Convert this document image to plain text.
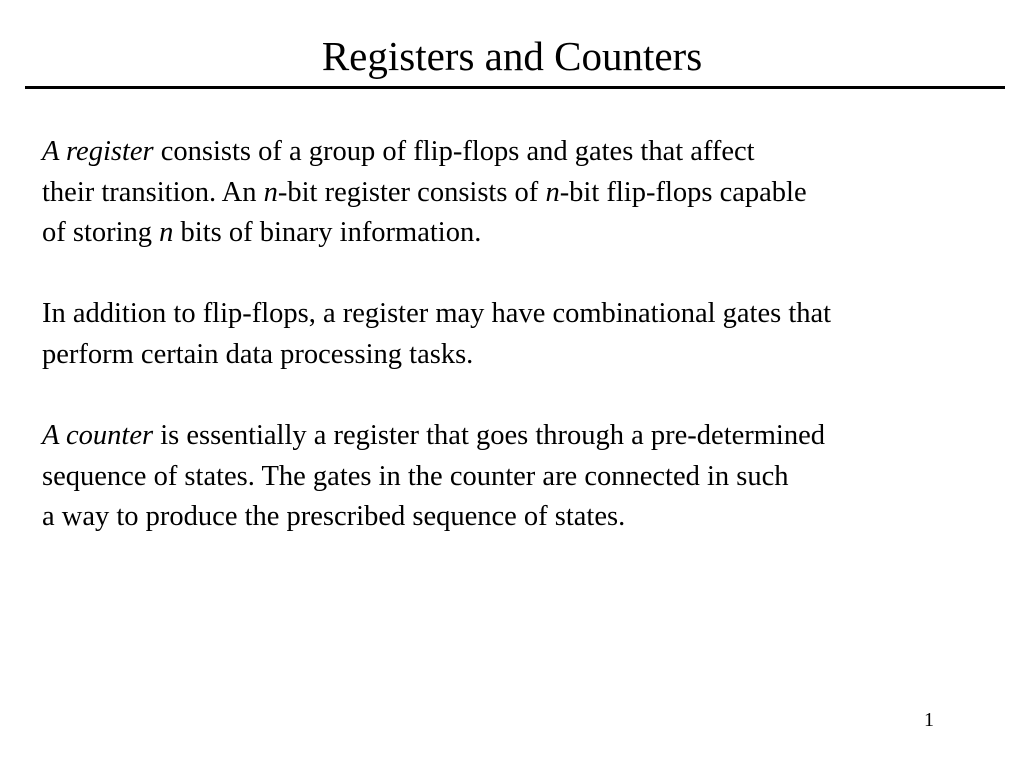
Registers and Counters

A register consists of a group of flip-flops and gates that affect
their transition. An n-bit register consists of n-bit flip-flops capable
of storing n bits of binary information.

In addition to flip-flops, a register may have combinational gates that
perform certain data processing tasks.

A counter is essentially a register that goes through a pre-determined
sequence of states. The gates in the counter are connected in such
a way to produce the prescribed sequence of states.

1
